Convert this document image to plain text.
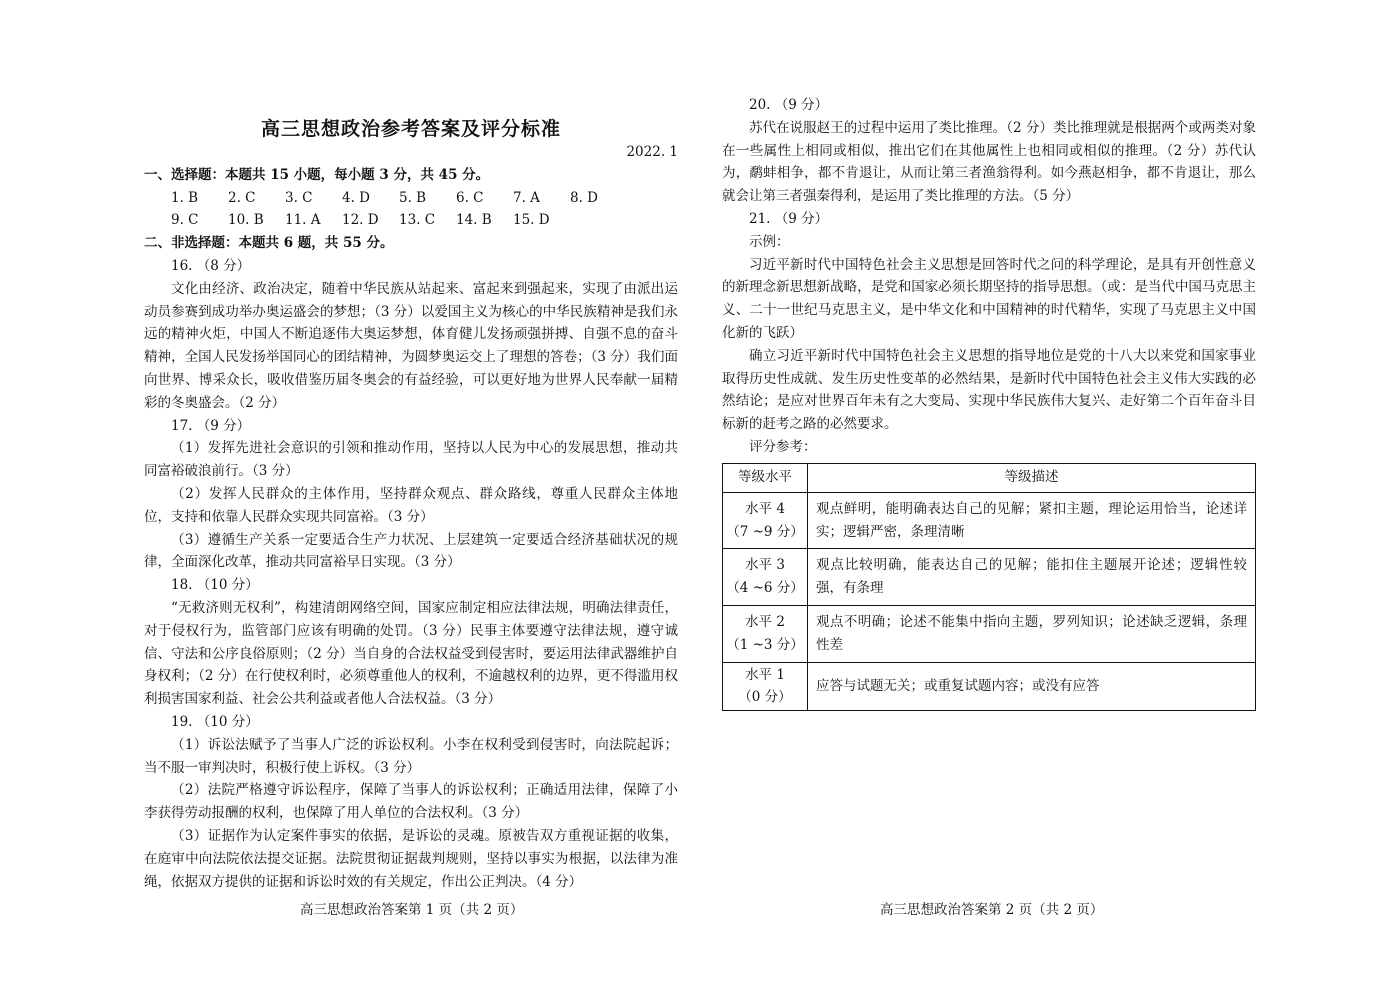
高三思想政治参考答案及评分标准
2022. 1
一、选择题：本题共 15 小题，每小题 3 分，共 45 分。
1. B	2. C	3. C	4. D	5. B	6. C	7. A	8. D
9. C	10. B	11. A	12. D	13. C	14. B	15. D
二、非选择题：本题共 6 题，共 55 分。
16. （8 分）

文化由经济、政治决定，随着中华民族从站起来、富起来到强起来，实现了由派出运动员参赛到成功举办奥运盛会的梦想；（3 分）以爱国主义为核心的中华民族精神是我们永远的精神火炬，中国人不断追逐伟大奥运梦想，体育健儿发扬顽强拼搏、自强不息的奋斗精神，全国人民发扬举国同心的团结精神，为圆梦奥运交上了理想的答卷；（3 分）我们面向世界、博采众长，吸收借鉴历届冬奥会的有益经验，可以更好地为世界人民奉献一届精彩的冬奥盛会。（2 分）

17. （9 分）

（1）发挥先进社会意识的引领和推动作用，坚持以人民为中心的发展思想，推动共同富裕破浪前行。（3 分）

（2）发挥人民群众的主体作用，坚持群众观点、群众路线，尊重人民群众主体地位，支持和依靠人民群众实现共同富裕。（3 分）

（3）遵循生产关系一定要适合生产力状况、上层建筑一定要适合经济基础状况的规律，全面深化改革，推动共同富裕早日实现。（3 分）

18. （10 分）

“无救济则无权利”，构建清朗网络空间，国家应制定相应法律法规，明确法律责任，对于侵权行为，监管部门应该有明确的处罚。（3 分）民事主体要遵守法律法规，遵守诚信、守法和公序良俗原则；（2 分）当自身的合法权益受到侵害时，要运用法律武器维护自身权利；（2 分）在行使权利时，必须尊重他人的权利，不逾越权利的边界，更不得滥用权利损害国家利益、社会公共利益或者他人合法权益。（3 分）

19. （10 分）

（1）诉讼法赋予了当事人广泛的诉讼权利。小李在权利受到侵害时，向法院起诉；当不服一审判决时，积极行使上诉权。（3 分）

（2）法院严格遵守诉讼程序，保障了当事人的诉讼权利；正确适用法律，保障了小李获得劳动报酬的权利，也保障了用人单位的合法权利。（3 分）

（3）证据作为认定案件事实的依据，是诉讼的灵魂。原被告双方重视证据的收集，在庭审中向法院依法提交证据。法院贯彻证据裁判规则，坚持以事实为根据，以法律为准绳，依据双方提供的证据和诉讼时效的有关规定，作出公正判决。（4 分）

20. （9 分）

苏代在说服赵王的过程中运用了类比推理。（2 分）类比推理就是根据两个或两类对象在一些属性上相同或相似，推出它们在其他属性上也相同或相似的推理。（2 分）苏代认为，鹬蚌相争，都不肯退让，从而让第三者渔翁得利。如今燕赵相争，都不肯退让，那么就会让第三者强秦得利，是运用了类比推理的方法。（5 分）

21. （9 分）
示例：

习近平新时代中国特色社会主义思想是回答时代之问的科学理论，是具有开创性意义的新理念新思想新战略，是党和国家必须长期坚持的指导思想。（或：是当代中国马克思主义、二十一世纪马克思主义，是中华文化和中国精神的时代精华，实现了马克思主义中国化新的飞跃）

确立习近平新时代中国特色社会主义思想的指导地位是党的十八大以来党和国家事业取得历史性成就、发生历史性变革的必然结果，是新时代中国特色社会主义伟大实践的必然结论；是应对世界百年未有之大变局、实现中华民族伟大复兴、走好第二个百年奋斗目标新的赶考之路的必然要求。

评分参考：
等级水平	等级描述

水平 4
（7 ~9 分）	观点鲜明，能明确表达自己的见解；紧扣主题，理论运用恰当，论述详实；逻辑严密，条理清晰

水平 3
（4 ~6 分）	观点比较明确，能表达自己的见解；能扣住主题展开论述；逻辑性较强，有条理

水平 2
（1 ~3 分）	观点不明确；论述不能集中指向主题，罗列知识；论述缺乏逻辑，条理性差

水平 1
（0 分）	应答与试题无关；或重复试题内容；或没有应答
高三思想政治答案第 1 页（共 2 页）	高三思想政治答案第 2 页（共 2 页）
